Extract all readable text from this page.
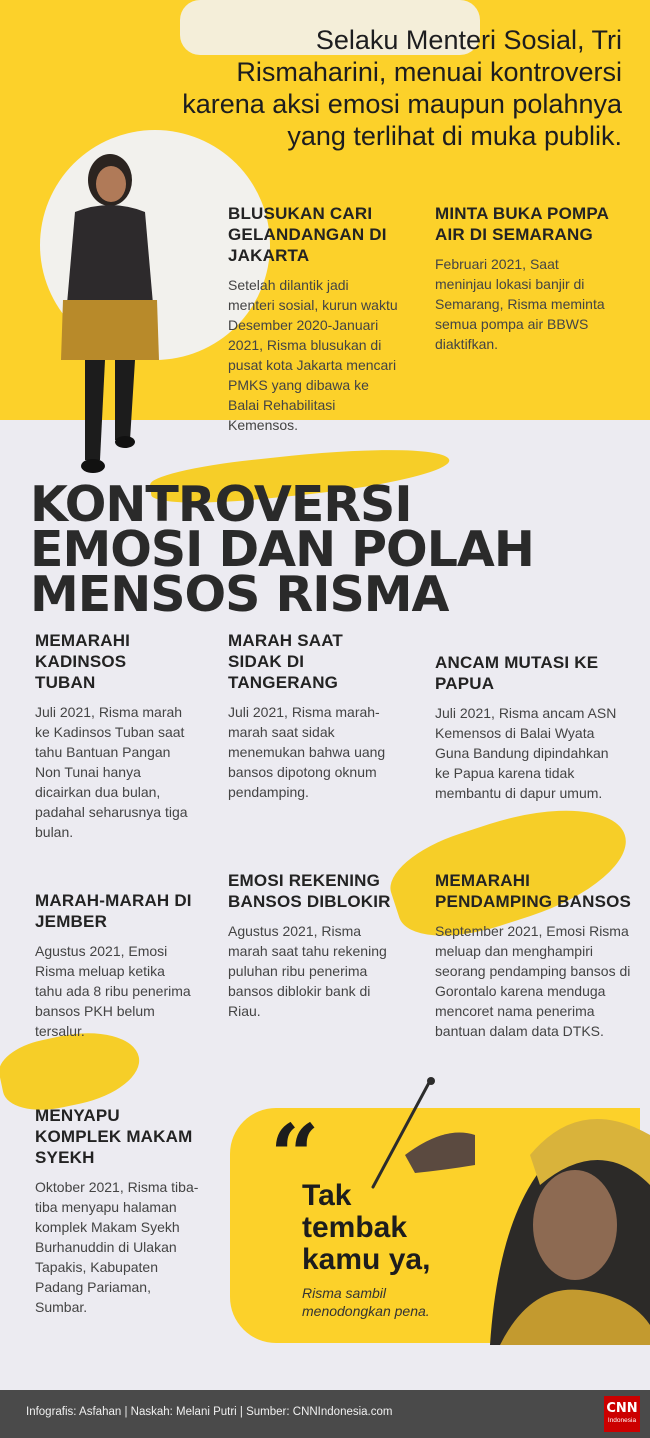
Selaku Menteri Sosial, Tri Rismaharini, menuai kontroversi karena aksi emosi maupun polahnya yang terlihat di muka publik.
BLUSUKAN CARI GELANDANGAN DI JAKARTA
Setelah dilantik jadi menteri sosial, kurun waktu Desember 2020-Januari 2021, Risma blusukan di pusat kota Jakarta mencari PMKS yang dibawa ke Balai Rehabilitasi Kemensos.
MINTA BUKA POMPA AIR DI SEMARANG
Februari 2021, Saat meninjau lokasi banjir di Semarang, Risma meminta semua pompa air BBWS diaktifkan.
KONTROVERSI
EMOSI DAN POLAH
MENSOS RISMA
MEMARAHI KADINSOS TUBAN
Juli 2021, Risma marah ke Kadinsos Tuban saat tahu Bantuan Pangan Non Tunai hanya dicairkan dua bulan, padahal seharusnya tiga bulan.
MARAH SAAT SIDAK DI TANGERANG
Juli 2021, Risma marah-marah saat sidak menemukan bahwa uang bansos dipotong oknum pendamping.
ANCAM MUTASI KE PAPUA
Juli 2021, Risma ancam ASN Kemensos di Balai Wyata Guna Bandung dipindahkan ke Papua karena tidak membantu di dapur umum.
MARAH-MARAH DI JEMBER
Agustus 2021, Emosi Risma meluap ketika tahu ada 8 ribu penerima bansos PKH belum tersalur.
EMOSI REKENING BANSOS DIBLOKIR
Agustus 2021, Risma marah saat tahu rekening puluhan ribu penerima bansos diblokir bank di Riau.
MEMARAHI PENDAMPING BANSOS
September 2021, Emosi Risma meluap dan menghampiri seorang pendamping bansos di Gorontalo karena menduga mencoret nama penerima bantuan dalam data DTKS.
MENYAPU KOMPLEK MAKAM SYEKH
Oktober 2021, Risma tiba-tiba menyapu halaman komplek Makam Syekh Burhanuddin di Ulakan Tapakis, Kabupaten Padang Pariaman, Sumbar.
“
Tak tembak kamu ya,
Risma sambil menodongkan pena.
Infografis: Asfahan | Naskah: Melani Putri | Sumber: CNNIndonesia.com	CNN
Indonesia
